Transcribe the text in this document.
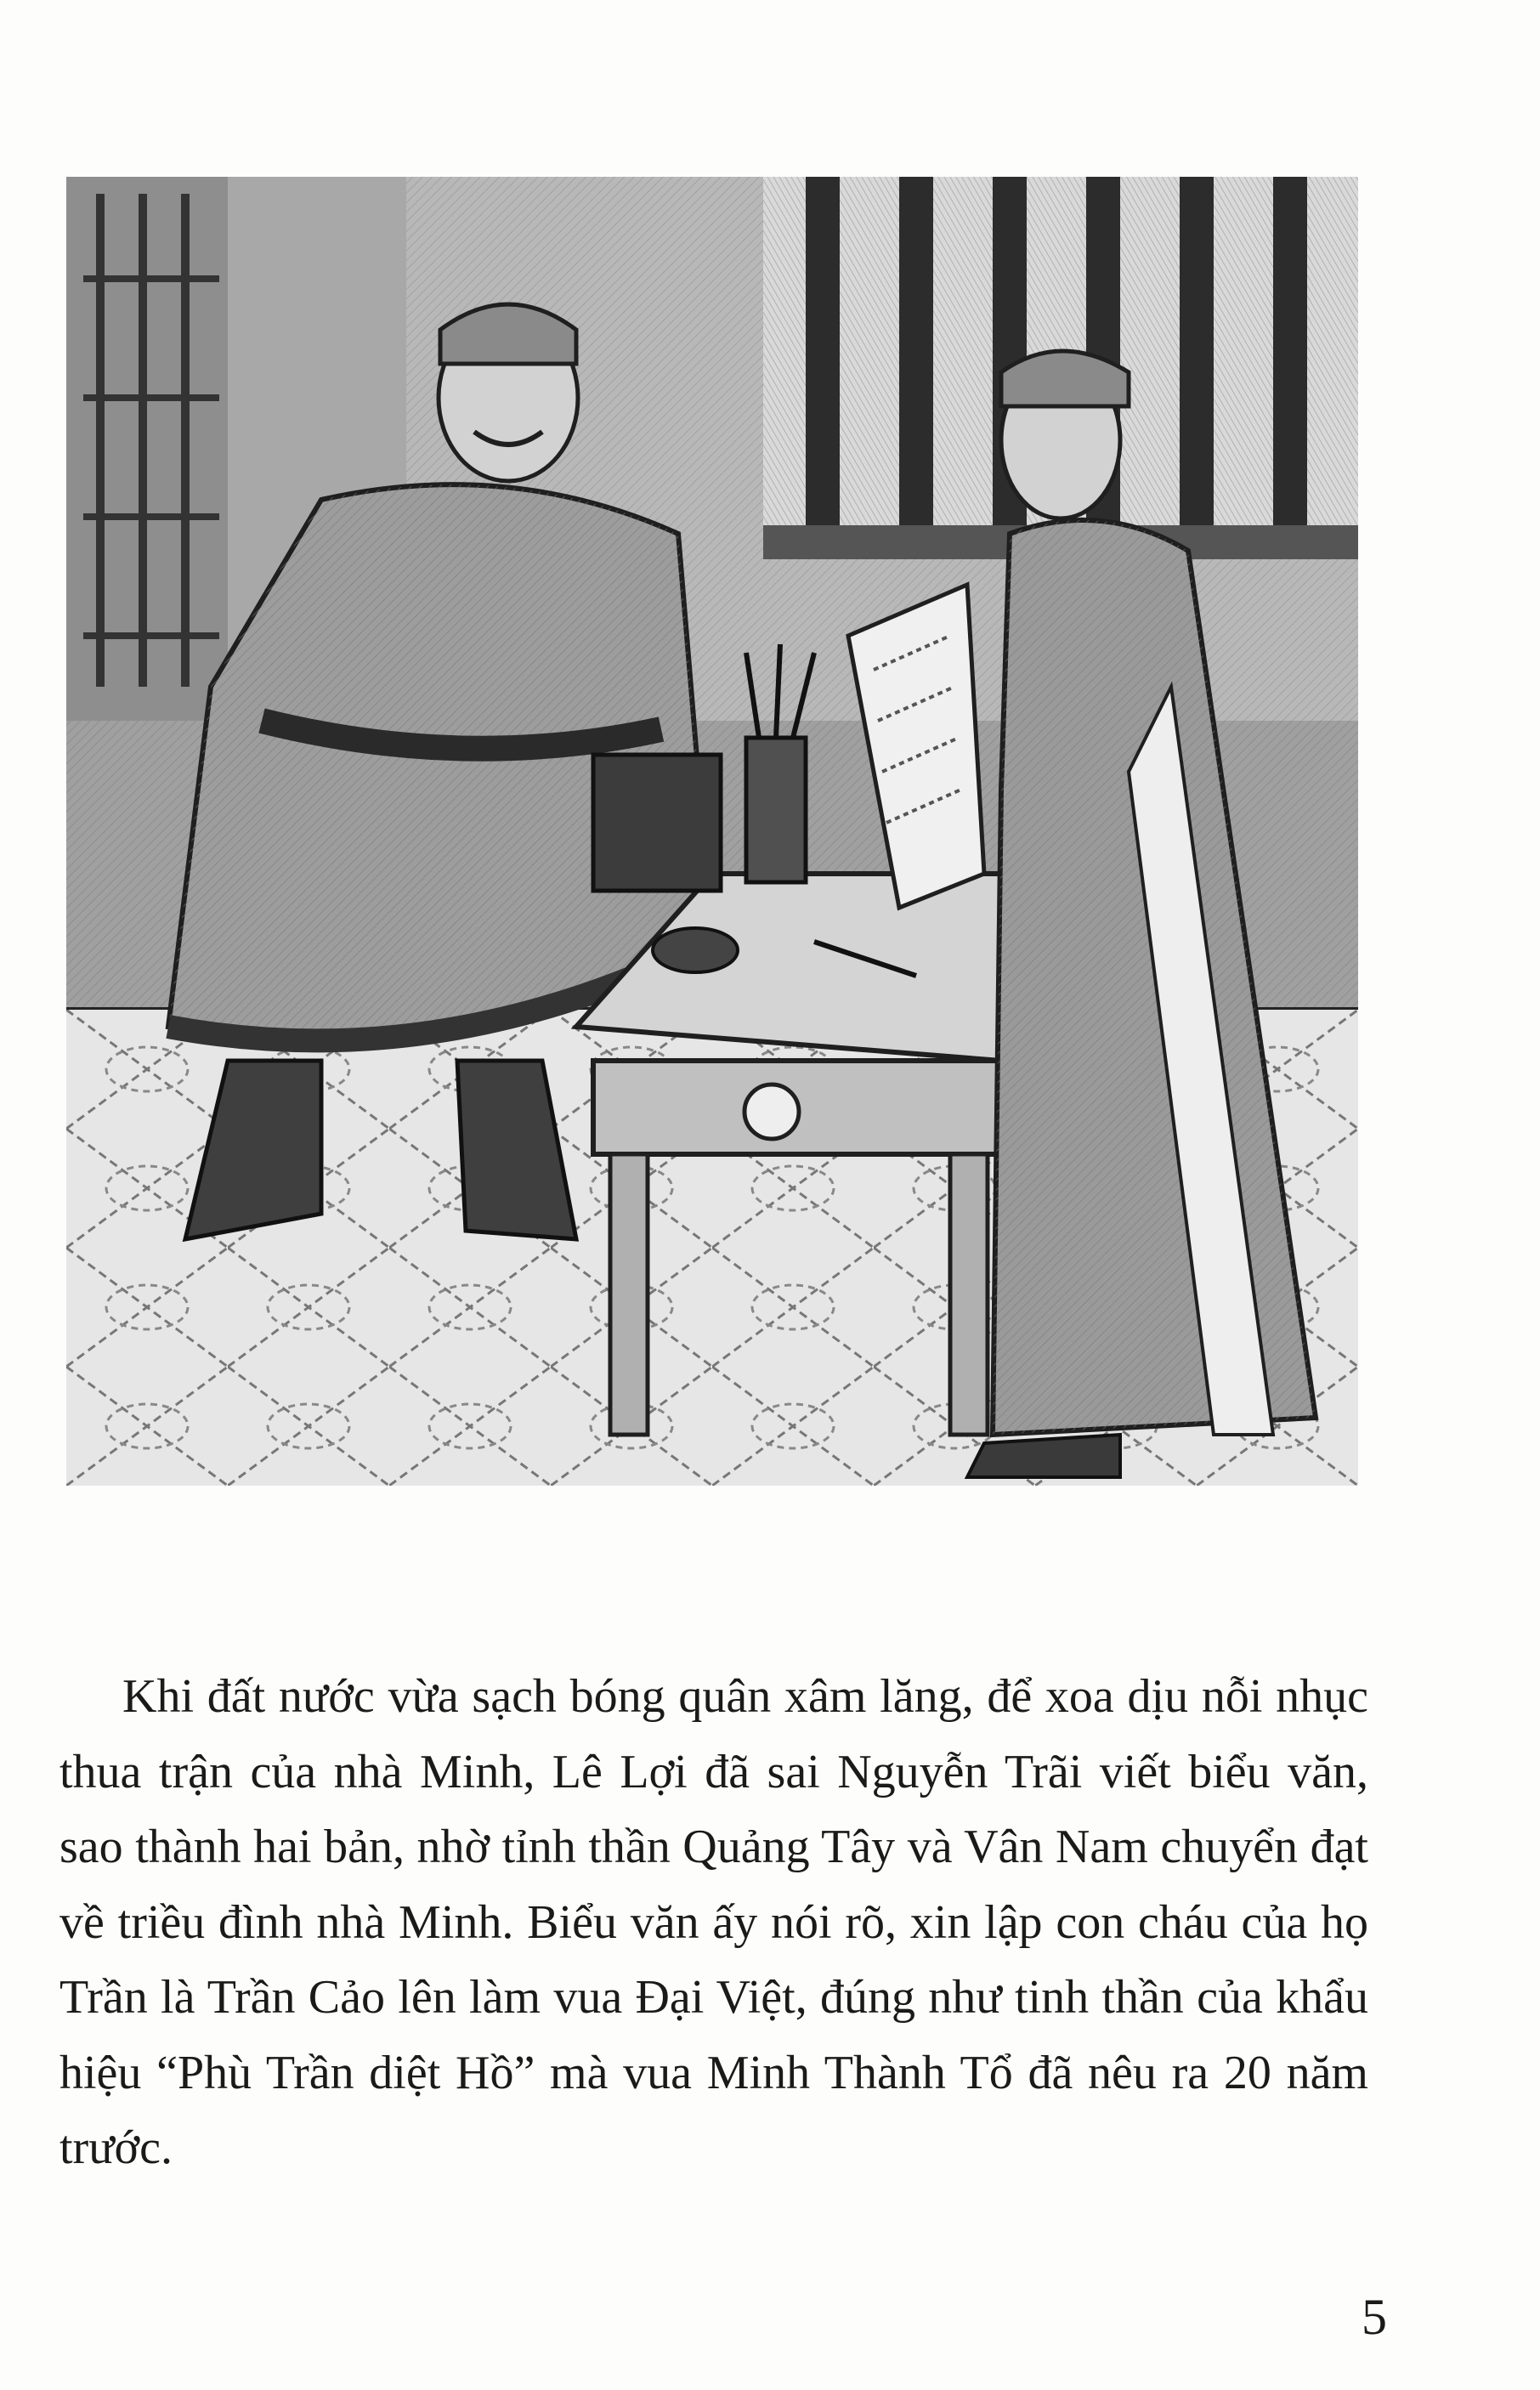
Khi đất nước vừa sạch bóng quân xâm lăng, để xoa dịu nỗi nhục thua trận của nhà Minh, Lê Lợi đã sai Nguyễn Trãi viết biểu văn, sao thành hai bản, nhờ tỉnh thần Quảng Tây và Vân Nam chuyển đạt về triều đình nhà Minh. Biểu văn ấy nói rõ, xin lập con cháu của họ Trần là Trần Cảo lên làm vua Đại Việt, đúng như tinh thần của khẩu hiệu “Phù Trần diệt Hồ” mà vua Minh Thành Tổ đã nêu ra 20 năm trước.

5
